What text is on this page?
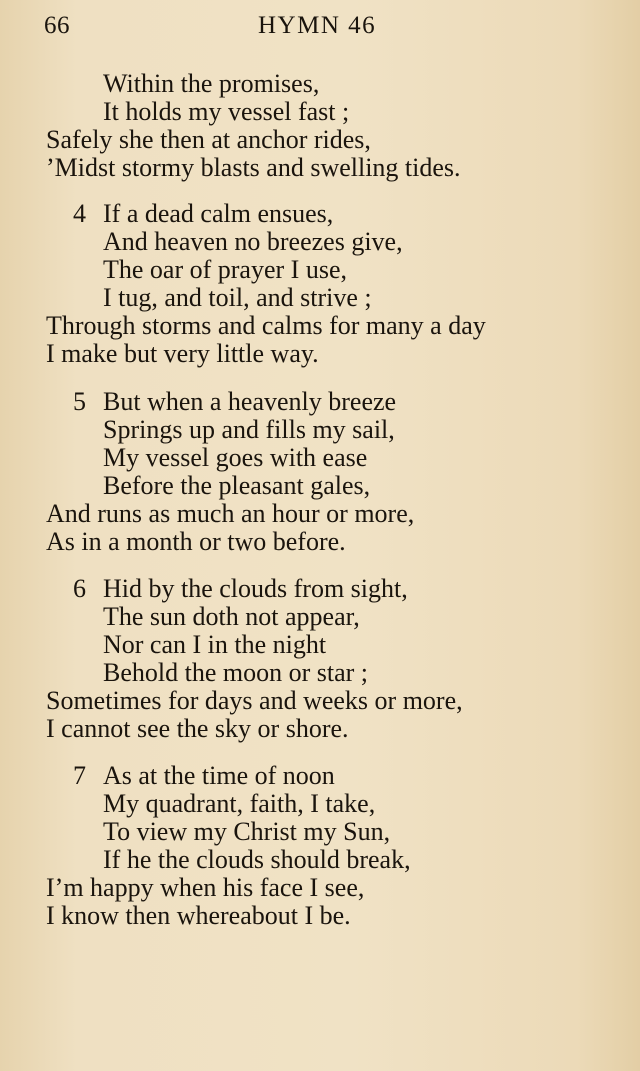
66	HYMN 46
Within the promises,
It holds my vessel fast ;
Safely she then at anchor rides,
’Midst stormy blasts and swelling tides.
4 If a dead calm ensues,
And heaven no breezes give,
The oar of prayer I use,
I tug, and toil, and strive ;
Through storms and calms for many a day
I make but very little way.
5 But when a heavenly breeze
Springs up and fills my sail,
My vessel goes with ease
Before the pleasant gales,
And runs as much an hour or more,
As in a month or two before.
6 Hid by the clouds from sight,
The sun doth not appear,
Nor can I in the night
Behold the moon or star ;
Sometimes for days and weeks or more,
I cannot see the sky or shore.
7 As at the time of noon
My quadrant, faith, I take,
To view my Christ my Sun,
If he the clouds should break,
I’m happy when his face I see,
I know then whereabout I be.
